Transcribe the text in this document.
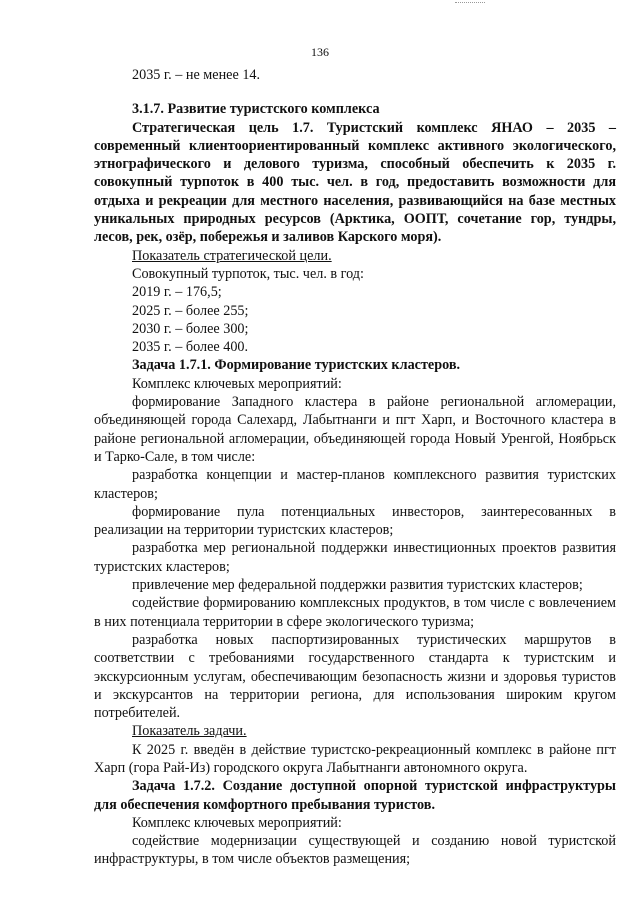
136

2035 г. – не менее 14.

3.1.7. Развитие туристского комплекса

Стратегическая цель 1.7. Туристский комплекс ЯНАО – 2035 – современный клиентоориентированный комплекс активного экологического, этнографического и делового туризма, способный обеспечить к 2035 г. совокупный турпоток в 400 тыс. чел. в год, предоставить возможности для отдыха и рекреации для местного населения, развивающийся на базе местных уникальных природных ресурсов (Арктика, ООПТ, сочетание гор, тундры, лесов, рек, озёр, побережья и заливов Карского моря).

Показатель стратегической цели.

Совокупный турпоток, тыс. чел. в год:

2019 г. – 176,5;

2025 г. – более 255;

2030 г. – более 300;

2035 г. – более 400.

Задача 1.7.1. Формирование туристских кластеров.

Комплекс ключевых мероприятий:

формирование Западного кластера в районе региональной агломерации, объединяющей города Салехард, Лабытнанги и пгт Харп, и Восточного кластера в районе региональной агломерации, объединяющей города Новый Уренгой, Ноябрьск и Тарко-Сале, в том числе:

разработка концепции и мастер-планов комплексного развития туристских кластеров;

формирование пула потенциальных инвесторов, заинтересованных в реализации на территории туристских кластеров;

разработка мер региональной поддержки инвестиционных проектов развития туристских кластеров;

привлечение мер федеральной поддержки развития туристских кластеров;

содействие формированию комплексных продуктов, в том числе с вовлечением в них потенциала территории в сфере экологического туризма;

разработка новых паспортизированных туристических маршрутов в соответствии с требованиями государственного стандарта к туристским и экскурсионным услугам, обеспечивающим безопасность жизни и здоровья туристов и экскурсантов на территории региона, для использования широким кругом потребителей.

Показатель задачи.

К 2025 г. введён в действие туристско-рекреационный комплекс в районе пгт Харп (гора Рай-Из) городского округа Лабытнанги автономного округа.

Задача 1.7.2. Создание доступной опорной туристской инфраструктуры для обеспечения комфортного пребывания туристов.

Комплекс ключевых мероприятий:

содействие модернизации существующей и созданию новой туристской инфраструктуры, в том числе объектов размещения;
